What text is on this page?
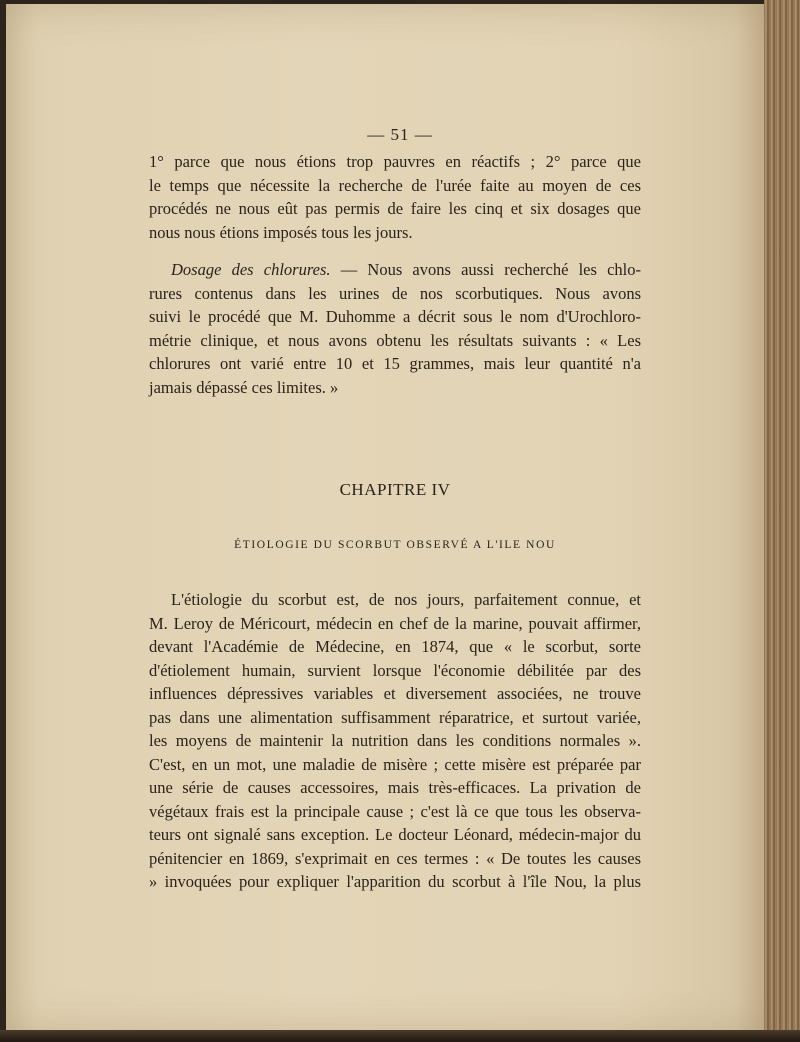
— 51 —
1° parce que nous étions trop pauvres en réactifs ; 2° parce que
le temps que nécessite la recherche de l'urée faite au moyen de ces
procédés ne nous eût pas permis de faire les cinq et six dosages que
nous nous étions imposés tous les jours.
Dosage des chlorures. — Nous avons aussi recherché les chlo-
rures contenus dans les urines de nos scorbutiques. Nous avons
suivi le procédé que M. Duhomme a décrit sous le nom d'Urochloro-
métrie clinique, et nous avons obtenu les résultats suivants : « Les
chlorures ont varié entre 10 et 15 grammes, mais leur quantité n'a
jamais dépassé ces limites. »
CHAPITRE IV
ÉTIOLOGIE DU SCORBUT OBSERVÉ A L'ILE NOU
L'étiologie du scorbut est, de nos jours, parfaitement connue, et
M. Leroy de Méricourt, médecin en chef de la marine, pouvait affirmer,
devant l'Académie de Médecine, en 1874, que « le scorbut, sorte
d'étiolement humain, survient lorsque l'économie débilitée par des
influences dépressives variables et diversement associées, ne trouve
pas dans une alimentation suffisamment réparatrice, et surtout variée,
les moyens de maintenir la nutrition dans les conditions normales ».
C'est, en un mot, une maladie de misère ; cette misère est préparée par
une série de causes accessoires, mais très-efficaces. La privation de
végétaux frais est la principale cause ; c'est là ce que tous les observa-
teurs ont signalé sans exception. Le docteur Léonard, médecin-major du
pénitencier en 1869, s'exprimait en ces termes : « De toutes les causes
» invoquées pour expliquer l'apparition du scorbut à l'île Nou, la plus
